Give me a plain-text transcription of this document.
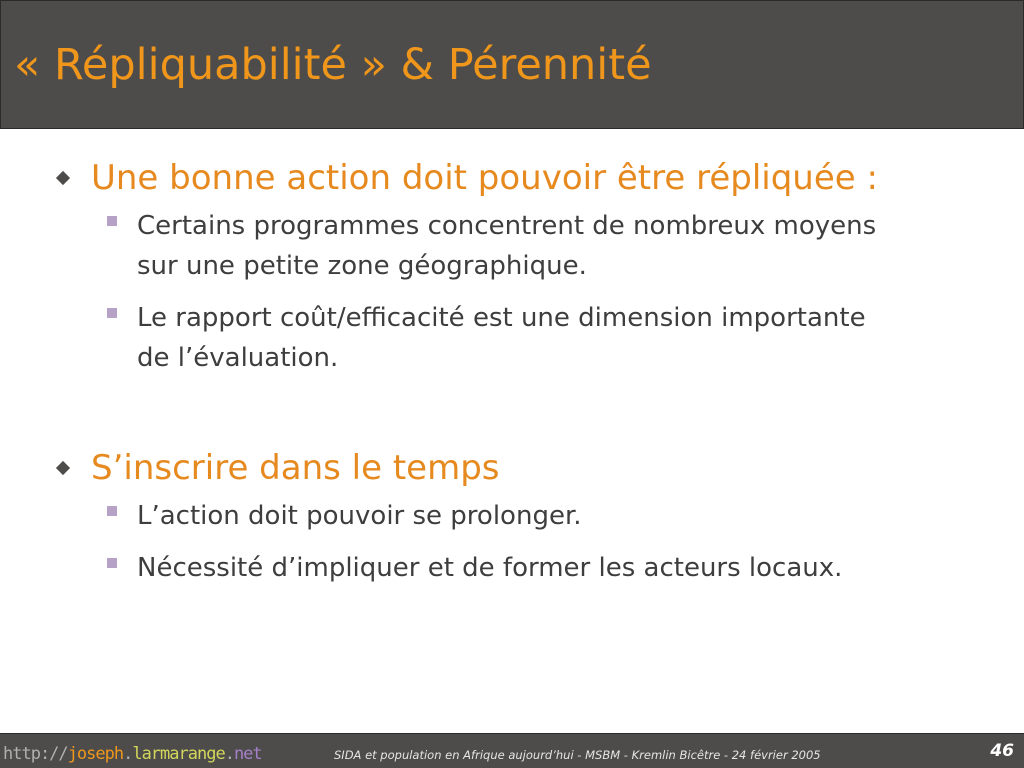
« Répliquabilité » & Pérennité
Une bonne action doit pouvoir être répliquée :
Certains programmes concentrent de nombreux moyens
sur une petite zone géographique.
Le rapport coût/efficacité est une dimension importante
de l’évaluation.
S’inscrire dans le temps
L’action doit pouvoir se prolonger.
Nécessité d’impliquer et de former les acteurs locaux.
http://joseph.larmarange.net	SIDA et population en Afrique aujourd’hui - MSBM - Kremlin Bicêtre - 24 février 2005	46
